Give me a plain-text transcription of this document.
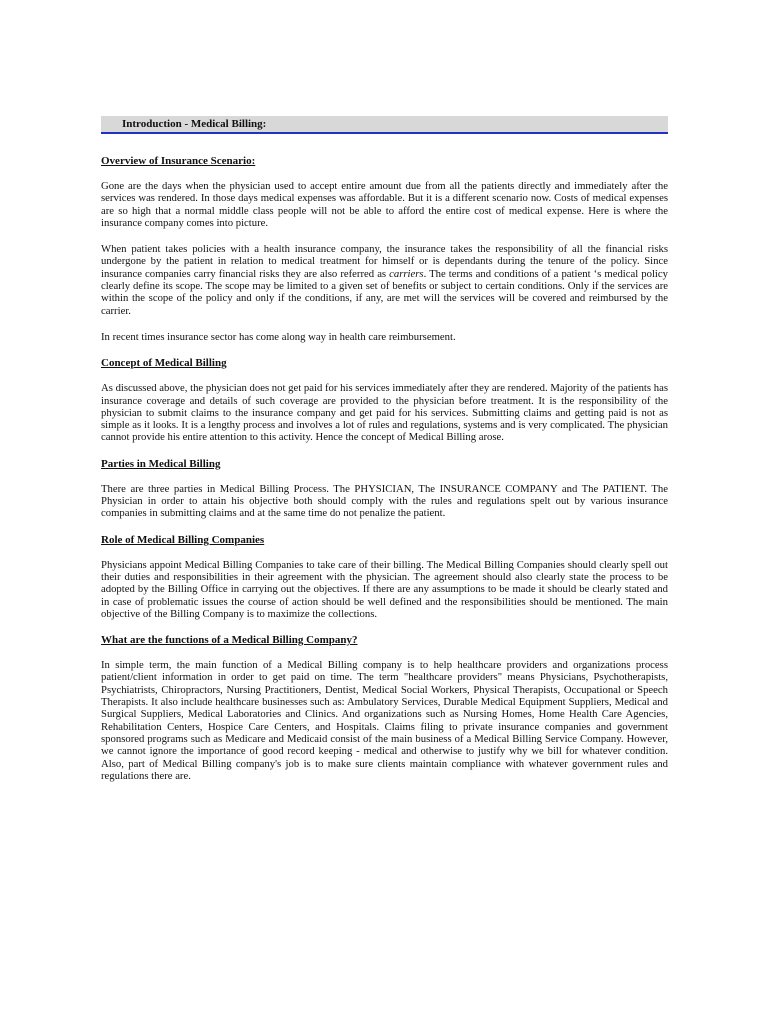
Introduction - Medical Billing:
Overview of Insurance Scenario:

Gone are the days when the physician used to accept entire amount due from all the patients directly and immediately after the services was rendered. In those days medical expenses was affordable. But it is a different scenario now. Costs of medical expenses are so high that a normal middle class people will not be able to afford the entire cost of medical expense. Here is where the insurance company comes into picture.

When patient takes policies with a health insurance company, the insurance takes the responsibility of all the financial risks undergone by the patient in relation to medical treatment for himself or is dependants during the tenure of the policy. Since insurance companies carry financial risks they are also referred as carriers. The terms and conditions of a patient ‘s medical policy clearly define its scope. The scope may be limited to a given set of benefits or subject to certain conditions. Only if the services are within the scope of the policy and only if the conditions, if any, are met will the services will be covered and reimbursed by the carrier.

In recent times insurance sector has come along way in health care reimbursement.

Concept of Medical Billing

As discussed above, the physician does not get paid for his services immediately after they are rendered. Majority of the patients has insurance coverage and details of such coverage are provided to the physician before treatment. It is the responsibility of the physician to submit claims to the insurance company and get paid for his services. Submitting claims and getting paid is not as simple as it looks. It is a lengthy process and involves a lot of rules and regulations, systems and is very complicated. The physician cannot provide his entire attention to this activity. Hence the concept of Medical Billing arose.

Parties in Medical Billing

There are three parties in Medical Billing Process. The PHYSICIAN, The INSURANCE COMPANY and The PATIENT. The Physician in order to attain his objective both should comply with the rules and regulations spelt out by various insurance companies in submitting claims and at the same time do not penalize the patient.

Role of Medical Billing Companies

Physicians appoint Medical Billing Companies to take care of their billing. The Medical Billing Companies should clearly spell out their duties and responsibilities in their agreement with the physician. The agreement should also clearly state the process to be adopted by the Billing Office in carrying out the objectives. If there are any assumptions to be made it should be clearly stated and in case of problematic issues the course of action should be well defined and the responsibilities should be mentioned. The main objective of the Billing Company is to maximize the collections.

What are the functions of a Medical Billing Company?

In simple term, the main function of a Medical Billing company is to help healthcare providers and organizations process patient/client information in order to get paid on time. The term "healthcare providers" means Physicians, Psychotherapists, Psychiatrists, Chiropractors, Nursing Practitioners, Dentist, Medical Social Workers, Physical Therapists, Occupational or Speech Therapists. It also include healthcare businesses such as: Ambulatory Services, Durable Medical Equipment Suppliers, Medical and Surgical Suppliers, Medical Laboratories and Clinics. And organizations such as Nursing Homes, Home Health Care Agencies, Rehabilitation Centers, Hospice Care Centers, and Hospitals. Claims filing to private insurance companies and government sponsored programs such as Medicare and Medicaid consist of the main business of a Medical Billing Service Company. However, we cannot ignore the importance of good record keeping - medical and otherwise to justify why we bill for whatever condition. Also, part of Medical Billing company's job is to make sure clients maintain compliance with whatever government rules and regulations there are.
